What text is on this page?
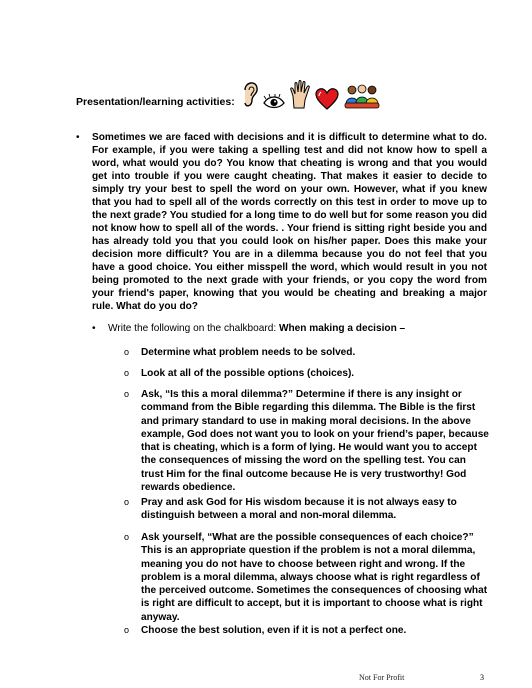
Presentation/learning activities:
• Sometimes we are faced with decisions and it is difficult to determine what to do. For example, if you were taking a spelling test and did not know how to spell a word, what would you do? You know that cheating is wrong and that you would get into trouble if you were caught cheating. That makes it easier to decide to simply try your best to spell the word on your own. However, what if you knew that you had to spell all of the words correctly on this test in order to move up to the next grade? You studied for a long time to do well but for some reason you did not know how to spell all of the words. . Your friend is sitting right beside you and has already told you that you could look on his/her paper. Does this make your decision more difficult? You are in a dilemma because you do not feel that you have a good choice. You either misspell the word, which would result in you not being promoted to the next grade with your friends, or you copy the word from your friend's paper, knowing that you would be cheating and breaking a major rule. What do you do?
• Write the following on the chalkboard: When making a decision –
o Determine what problem needs to be solved.
o Look at all of the possible options (choices).
o Ask, “Is this a moral dilemma?” Determine if there is any insight or command from the Bible regarding this dilemma. The Bible is the first and primary standard to use in making moral decisions. In the above example, God does not want you to look on your friend’s paper, because that is cheating, which is a form of lying. He would want you to accept the consequences of missing the word on the spelling test. You can trust Him for the final outcome because He is very trustworthy! God rewards obedience.
o Pray and ask God for His wisdom because it is not always easy to distinguish between a moral and non-moral dilemma.
o Ask yourself, “What are the possible consequences of each choice?” This is an appropriate question if the problem is not a moral dilemma, meaning you do not have to choose between right and wrong. If the problem is a moral dilemma, always choose what is right regardless of the perceived outcome. Sometimes the consequences of choosing what is right are difficult to accept, but it is important to choose what is right anyway.
o Choose the best solution, even if it is not a perfect one.
Not For Profit	3
